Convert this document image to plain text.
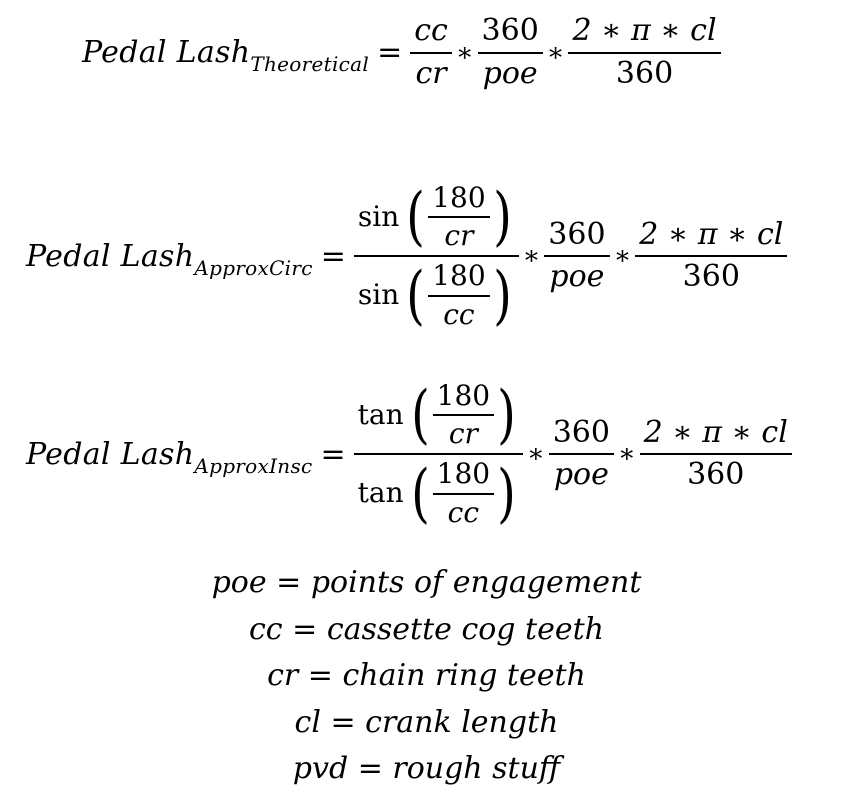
Pedal Lash$_{Theoretical}$ = $\frac{cc}{cr}$ ∗ $\frac{360}{\text{poe}}$ ∗ $\frac{2 ∗ \pi ∗ cl}{360}$
Pedal Lash$_{ApproxCirc}$ =
sin ( $\frac{180}{cr}$ )
sin ( $\frac{180}{cc}$ )
∗ $\frac{360}{\text{poe}}$ ∗ $\frac{2 ∗ \pi ∗ cl}{360}$
Pedal Lash$_{ApproxInsc}$ =
tan ( $\frac{180}{cr}$ )
tan ( $\frac{180}{cc}$ )
∗ $\frac{360}{\text{poe}}$ ∗ $\frac{2 ∗ \pi ∗ cl}{360}$
poe = points of engagement
cc = cassette cog teeth
cr = chain ring teeth
cl = crank length
pvd = rough stuff
